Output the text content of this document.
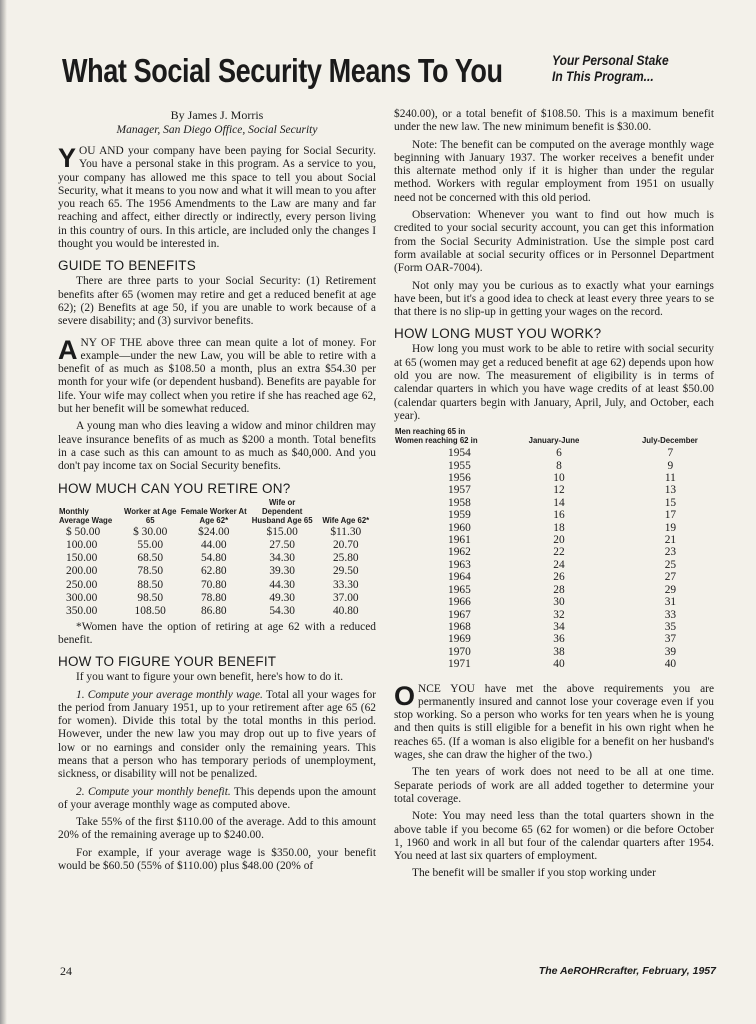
What Social Security Means To You	Your Personal Stake
In This Program...
By James J. Morris
Manager, San Diego Office, Social Security

YOU AND your company have been paying for Social Security. You have a personal stake in this program. As a service to you, your company has allowed me this space to tell you about Social Security, what it means to you now and what it will mean to you after you reach 65. The 1956 Amendments to the Law are many and far reaching and affect, either directly or indirectly, every person living in this country of ours. In this article, are included only the changes I thought you would be interested in.

GUIDE TO BENEFITS

There are three parts to your Social Security: (1) Retirement benefits after 65 (women may retire and get a reduced benefit at age 62); (2) Benefits at age 50, if you are unable to work because of a severe disability; and (3) survivor benefits.

ANY OF THE above three can mean quite a lot of money. For example—under the new Law, you will be able to retire with a benefit of as much as $108.50 a month, plus an extra $54.30 per month for your wife (or dependent husband). Benefits are payable for life. Your wife may collect when you retire if she has reached age 62, but her benefit will be somewhat reduced.

A young man who dies leaving a widow and minor children may leave insurance benefits of as much as $200 a month. Total benefits in a case such as this can amount to as much as $40,000. And you don't pay income tax on Social Security benefits.

HOW MUCH CAN YOU RETIRE ON?
Monthly Average Wage	Worker at Age 65	Female Worker At Age 62*	Wife or Dependent Husband Age 65	Wife Age 62*
$ 50.00	$ 30.00	$24.00	$15.00	$11.30
100.00	55.00	44.00	27.50	20.70
150.00	68.50	54.80	34.30	25.80
200.00	78.50	62.80	39.30	29.50
250.00	88.50	70.80	44.30	33.30
300.00	98.50	78.80	49.30	37.00
350.00	108.50	86.80	54.30	40.80

*Women have the option of retiring at age 62 with a reduced benefit.

HOW TO FIGURE YOUR BENEFIT

If you want to figure your own benefit, here's how to do it.

1. Compute your average monthly wage. Total all your wages for the period from January 1951, up to your retirement after age 65 (62 for women). Divide this total by the total months in this period. However, under the new law you may drop out up to five years of low or no earnings and consider only the remaining years. This means that a person who has temporary periods of unemployment, sickness, or disability will not be penalized.

2. Compute your monthly benefit. This depends upon the amount of your average monthly wage as computed above.

Take 55% of the first $110.00 of the average. Add to this amount 20% of the remaining average up to $240.00.

For example, if your average wage is $350.00, your benefit would be $60.50 (55% of $110.00) plus $48.00 (20% of

$240.00), or a total benefit of $108.50. This is a maximum benefit under the new law. The new minimum benefit is $30.00.

Note: The benefit can be computed on the average monthly wage beginning with January 1937. The worker receives a benefit under this alternate method only if it is higher than under the regular method. Workers with regular employment from 1951 on usually need not be concerned with this old period.

Observation: Whenever you want to find out how much is credited to your social security account, you can get this information from the Social Security Administration. Use the simple post card form available at social security offices or in Personnel Department (Form OAR-7004).

Not only may you be curious as to exactly what your earnings have been, but it's a good idea to check at least every three years to se that there is no slip-up in getting your wages on the record.

HOW LONG MUST YOU WORK?

How long you must work to be able to retire with social security at 65 (women may get a reduced benefit at age 62) depends upon how old you are now. The measurement of eligibility is in terms of calendar quarters in which you have wage credits of at least $50.00 (calendar quarters begin with January, April, July, and October, each year).

Men reaching 65 in
Women reaching 62 in	January-June	July-December
1954	6	7
1955	8	9
1956	10	11
1957	12	13
1958	14	15
1959	16	17
1960	18	19
1961	20	21
1962	22	23
1963	24	25
1964	26	27
1965	28	29
1966	30	31
1967	32	33
1968	34	35
1969	36	37
1970	38	39
1971	40	40

ONCE YOU have met the above requirements you are permanently insured and cannot lose your coverage even if you stop working. So a person who works for ten years when he is young and then quits is still eligible for a benefit in his own right when he reaches 65. (If a woman is also eligible for a benefit on her husband's wages, she can draw the higher of the two.)

The ten years of work does not need to be all at one time. Separate periods of work are all added together to determine your total coverage.

Note: You may need less than the total quarters shown in the above table if you become 65 (62 for women) or die before October 1, 1960 and work in all but four of the calendar quarters after 1954. You need at last six quarters of employment.

The benefit will be smaller if you stop working under

24	The AeROHRcrafter, February, 1957
